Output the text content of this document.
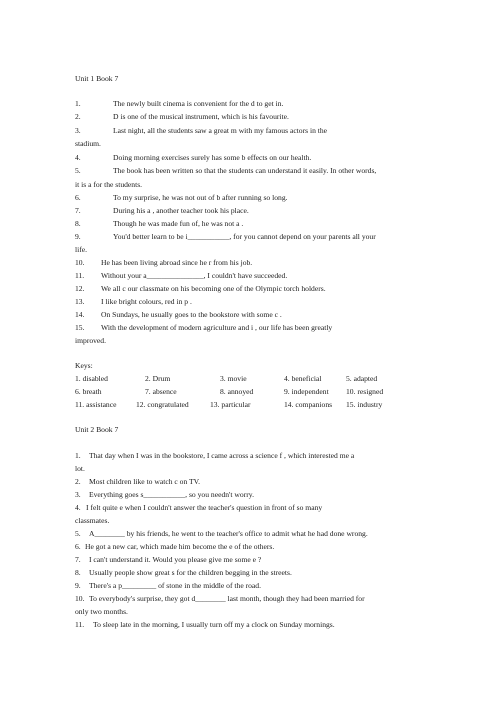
Unit 1 Book 7
1.	The newly built cinema is convenient for the d to get in.
2.	D is one of the musical instrument, which is his favourite.
3.	Last night, all the students saw a great m with my famous actors in the
stadium.
4.	Doing morning exercises surely has some b effects on our health.
5.	The book has been written so that the students can understand it easily. In other words,
it is a for the students.
6.	To my surprise, he was not out of b after running so long.
7.	During his a , another teacher took his place.
8.	Though he was made fun of, he was not a .
9.	You'd better learn to be i___________, for you cannot depend on your parents all your
life.
10. He has been living abroad since he r from his job.
11. Without your a_______________, I couldn't have succeeded.
12. We all c our classmate on his becoming one of the Olympic torch holders.
13. I like bright colours, red in p .
14. On Sundays, he usually goes to the bookstore with some c .
15. With the development of modern agriculture and i , our life has been greatly
improved.
Keys:
1. disabled	2. Drum	3. movie	4. beneficial	5. adapted
6. breath	7. absence	8. annoyed	9. independent 10. resigned
11. assistance	12. congratulated	13. particular	14. companions 15. industry
Unit 2 Book 7
1. That day when I was in the bookstore, I came across a science f , which interested me a
lot.
2. Most children like to watch c on TV.
3. Everything goes s___________, so you needn't worry.
4. I felt quite e when I couldn't answer the teacher's question in front of so many
classmates.
5. A________ by his friends, he went to the teacher's office to admit what he had done wrong.
6. He got a new car, which made him become the e of the others.
7. I can't understand it. Would you please give me some e ?
8. Usually people show great s for the children begging in the streets.
9. There's a p_________ of stone in the middle of the road.
10. To everybody's surprise, they got d________ last month, though they had been married for
only two months.
11. To sleep late in the morning, I usually turn off my a clock on Sunday mornings.
